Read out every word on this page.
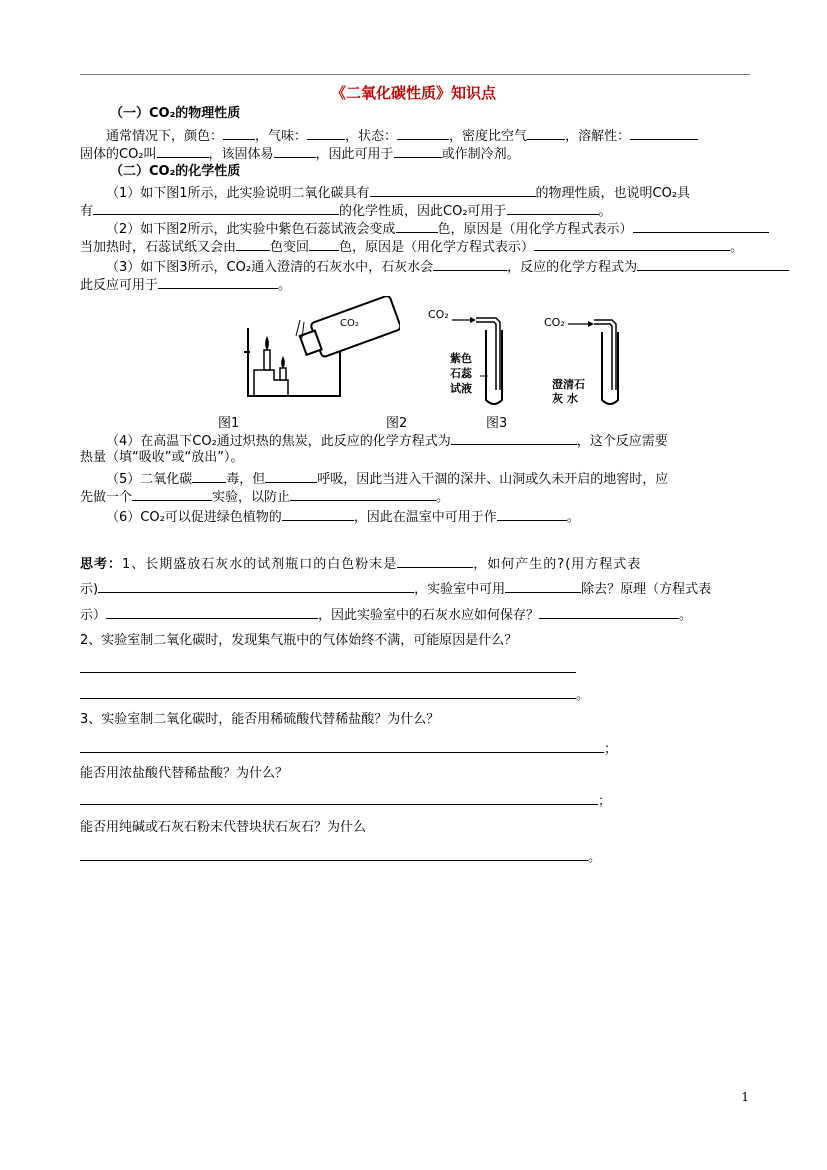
《二氧化碳性质》知识点
（一）CO₂的物理性质
通常情况下，颜色： ，气味：	，状态：	，密度比空气	，溶解性：
固体的CO₂叫	，该固体易	，因此可用于	或作制冷剂。
（二）CO₂的化学性质
（1）如下图1所示，此实验说明二氧化碳具有	的物理性质，也说明CO₂具
有	的化学性质，因此CO₂可用于	。
（2）如下图2所示，此实验中紫色石蕊试液会变成	色，原因是（用化学方程式表示）
当加热时，石蕊试纸又会由	色变回 色，原因是（用化学方程式表示）	。
（3）如下图3所示，CO₂通入澄清的石灰水中，石灰水会	，反应的化学方程式为
此反应可用于	。
CO₂
CO₂
紫色
石蕊
试液
CO₂
澄清石
灰 水
图1	图2	图3
（4）在高温下CO₂通过炽热的焦炭，此反应的化学方程式为	，这个反应需要
热量（填“吸收”或“放出”）。
（5）二氧化碳	毒，但	呼吸，因此当进入干涸的深井、山洞或久未开启的地窖时，应
先做一个	实验，以防止	。
（6）CO₂可以促进绿色植物的	，因此在温室中可用于作	。
思考：1、长期盛放石灰水的试剂瓶口的白色粉末是	，如何产生的?(用方程式表
示)	，实验室中可用	除去？原理（方程式表
示）	，因此实验室中的石灰水应如何保存？	。
2、实验室制二氧化碳时，发现集气瓶中的气体始终不满，可能原因是什么？
。
3、实验室制二氧化碳时，能否用稀硫酸代替稀盐酸？为什么？
；
能否用浓盐酸代替稀盐酸？为什么？
；
能否用纯碱或石灰石粉末代替块状石灰石？为什么
。
1
